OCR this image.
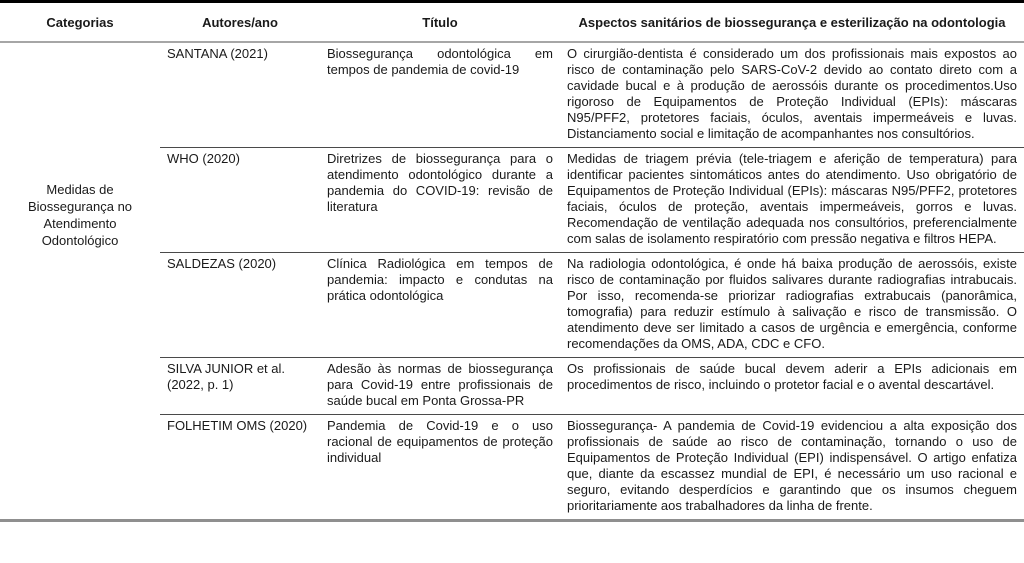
Categorias	Autores/ano	Título	Aspectos sanitários de biossegurança e esterilização na odontologia

Medidas de Biossegurança no Atendimento Odontológico	SANTANA (2021)	Biossegurança odontológica em tempos de pandemia de covid-19	O cirurgião-dentista é considerado um dos profissionais mais expostos ao risco de contaminação pelo SARS-CoV-2 devido ao contato direto com a cavidade bucal e à produção de aerossóis durante os procedimentos.Uso rigoroso de Equipamentos de Proteção Individual (EPIs): máscaras N95/PFF2, protetores faciais, óculos, aventais impermeáveis e luvas. Distanciamento social e limitação de acompanhantes nos consultórios.
	WHO (2020)	Diretrizes de biossegurança para o atendimento odontológico durante a pandemia do COVID-19: revisão de literatura	Medidas de triagem prévia (tele-triagem e aferição de temperatura) para identificar pacientes sintomáticos antes do atendimento. Uso obrigatório de Equipamentos de Proteção Individual (EPIs): máscaras N95/PFF2, protetores faciais, óculos de proteção, aventais impermeáveis, gorros e luvas. Recomendação de ventilação adequada nos consultórios, preferencialmente com salas de isolamento respiratório com pressão negativa e filtros HEPA.
	SALDEZAS (2020)	Clínica Radiológica em tempos de pandemia: impacto e condutas na prática odontológica	Na radiologia odontológica, é onde há baixa produção de aerossóis, existe risco de contaminação por fluidos salivares durante radiografias intrabucais. Por isso, recomenda-se priorizar radiografias extrabucais (panorâmica, tomografia) para reduzir estímulo à salivação e risco de transmissão. O atendimento deve ser limitado a casos de urgência e emergência, conforme recomendações da OMS, ADA, CDC e CFO.
	SILVA JUNIOR et al. (2022, p. 1)	Adesão às normas de biossegurança para Covid-19 entre profissionais de saúde bucal em Ponta Grossa-PR	Os profissionais de saúde bucal devem aderir a EPIs adicionais em procedimentos de risco, incluindo o protetor facial e o avental descartável.
	FOLHETIM OMS (2020)	Pandemia de Covid-19 e o uso racional de equipamentos de proteção individual	Biossegurança- A pandemia de Covid-19 evidenciou a alta exposição dos profissionais de saúde ao risco de contaminação, tornando o uso de Equipamentos de Proteção Individual (EPI) indispensável. O artigo enfatiza que, diante da escassez mundial de EPI, é necessário um uso racional e seguro, evitando desperdícios e garantindo que os insumos cheguem prioritariamente aos trabalhadores da linha de frente.
